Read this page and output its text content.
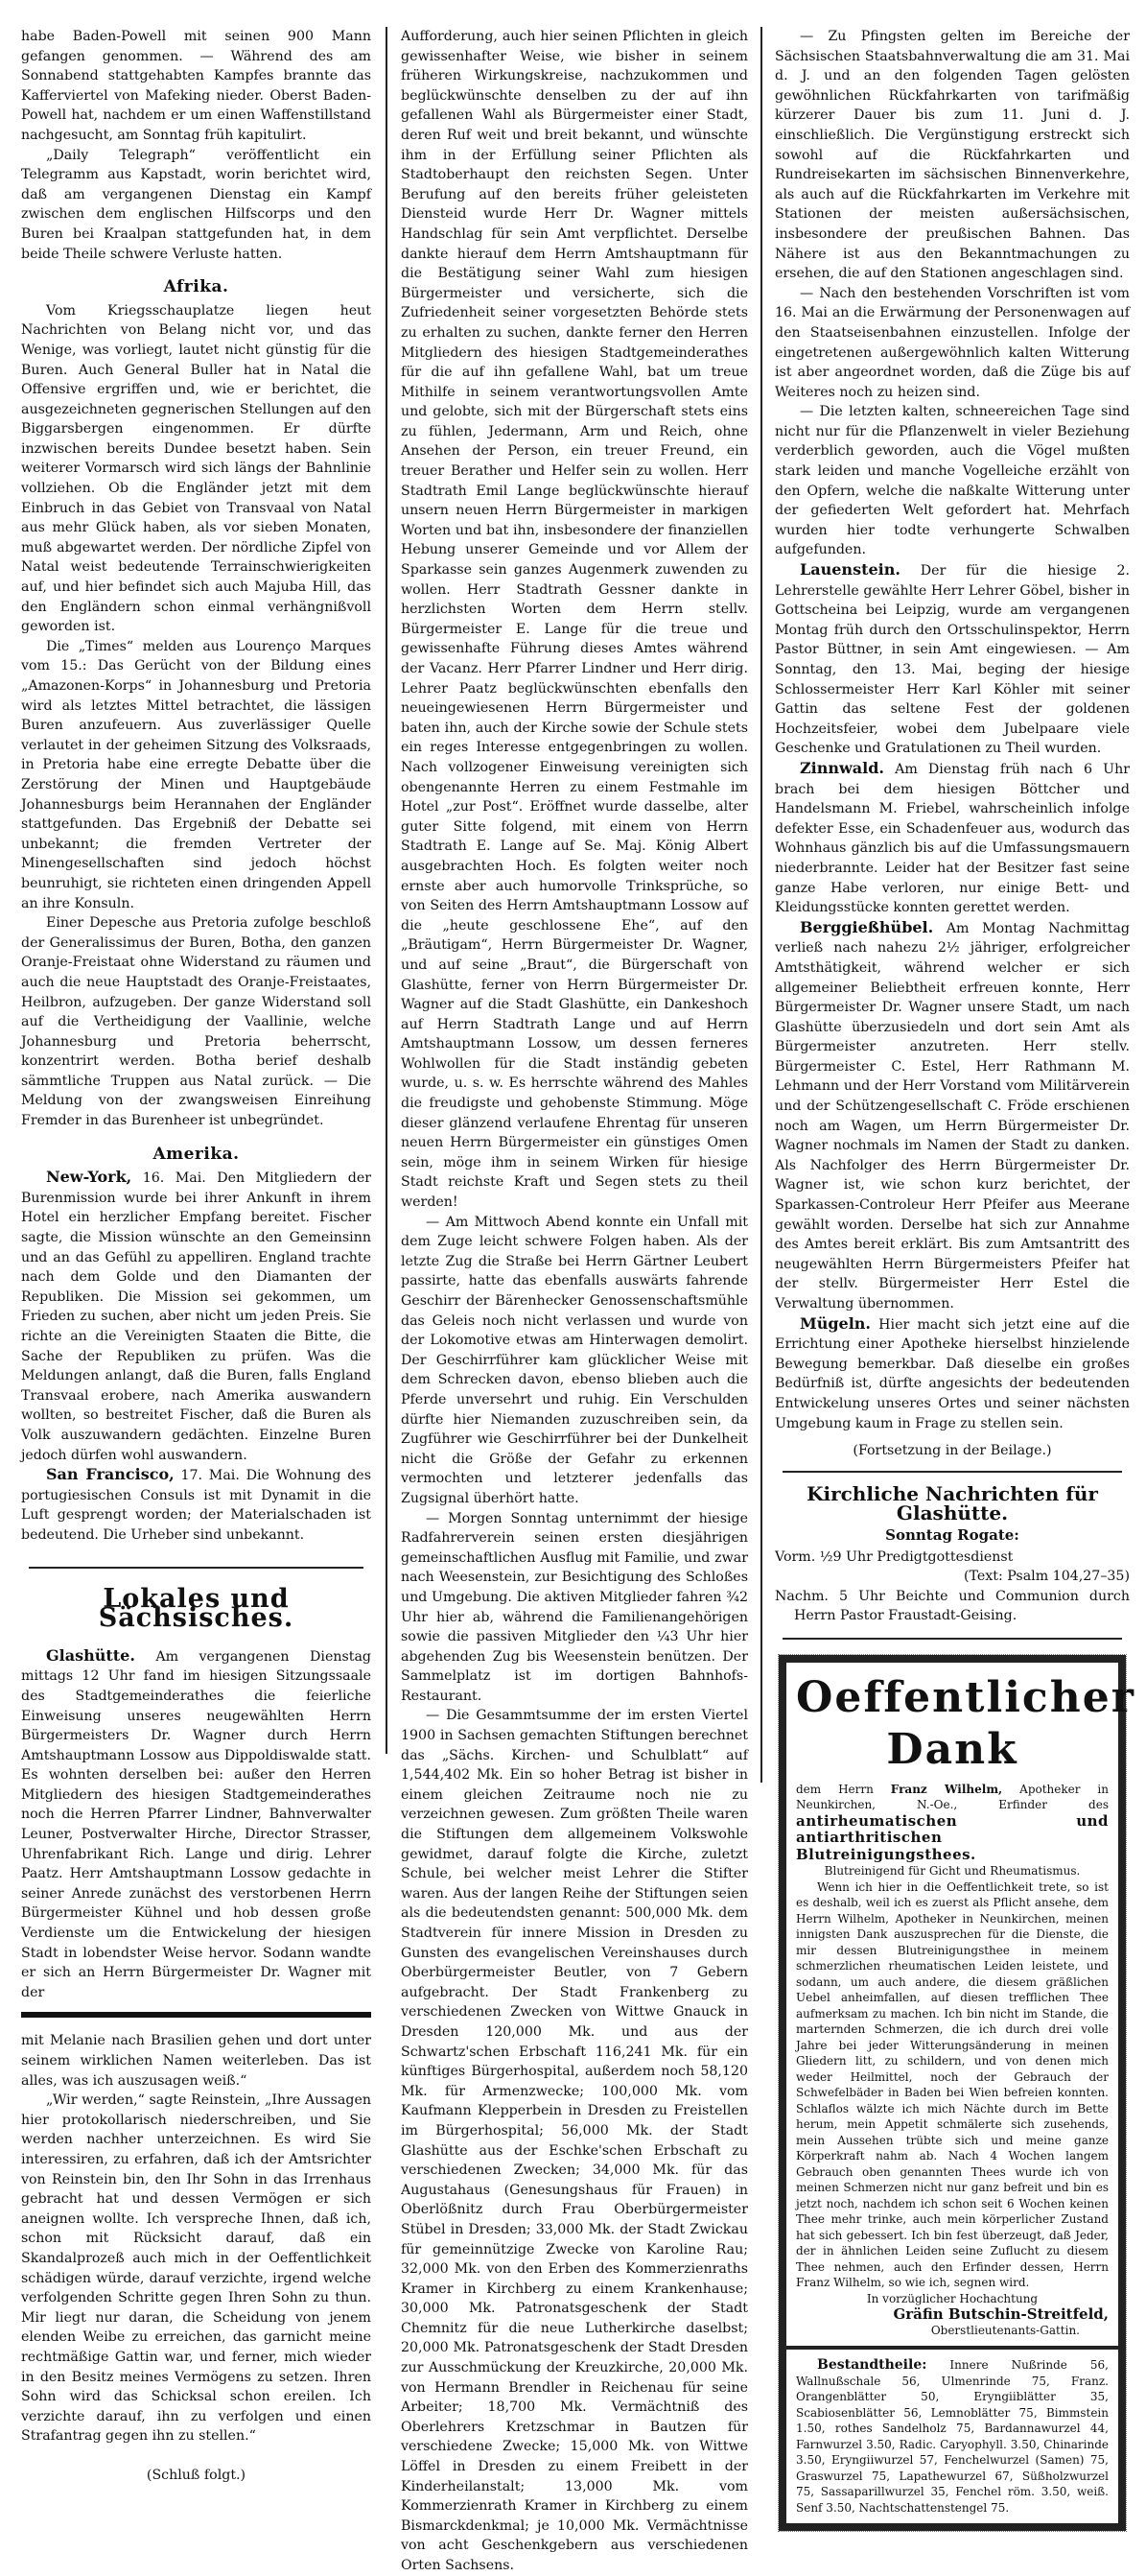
habe Baden-Powell mit seinen 900 Mann gefangen genommen. — Während des am Sonnabend stattgehabten Kampfes brannte das Kafferviertel von Mafeking nieder. Oberst Baden-Powell hat, nachdem er um einen Waffenstillstand nachgesucht, am Sonntag früh kapitulirt.

„Daily Telegraph“ veröffentlicht ein Telegramm aus Kapstadt, worin berichtet wird, daß am vergangenen Dienstag ein Kampf zwischen dem englischen Hilfscorps und den Buren bei Kraalpan stattgefunden hat, in dem beide Theile schwere Verluste hatten.

Afrika.

Vom Kriegsschauplatze liegen heut Nachrichten von Belang nicht vor, und das Wenige, was vorliegt, lautet nicht günstig für die Buren. Auch General Buller hat in Natal die Offensive ergriffen und, wie er berichtet, die ausgezeichneten gegnerischen Stellungen auf den Biggarsbergen eingenommen. Er dürfte inzwischen bereits Dundee besetzt haben. Sein weiterer Vormarsch wird sich längs der Bahnlinie vollziehen. Ob die Engländer jetzt mit dem Einbruch in das Gebiet von Transvaal von Natal aus mehr Glück haben, als vor sieben Monaten, muß abgewartet werden. Der nördliche Zipfel von Natal weist bedeutende Terrainschwierigkeiten auf, und hier befindet sich auch Majuba Hill, das den Engländern schon einmal verhängnißvoll geworden ist.

Die „Times“ melden aus Lourenço Marques vom 15.: Das Gerücht von der Bildung eines „Amazonen-Korps“ in Johannesburg und Pretoria wird als letztes Mittel betrachtet, die lässigen Buren anzufeuern. Aus zuverlässiger Quelle verlautet in der geheimen Sitzung des Volksraads, in Pretoria habe eine erregte Debatte über die Zerstörung der Minen und Hauptgebäude Johannesburgs beim Herannahen der Engländer stattgefunden. Das Ergebniß der Debatte sei unbekannt; die fremden Vertreter der Minengesellschaften sind jedoch höchst beunruhigt, sie richteten einen dringenden Appell an ihre Konsuln.

Einer Depesche aus Pretoria zufolge beschloß der Generalissimus der Buren, Botha, den ganzen Oranje-Freistaat ohne Widerstand zu räumen und auch die neue Hauptstadt des Oranje-Freistaates, Heilbron, aufzugeben. Der ganze Widerstand soll auf die Vertheidigung der Vaallinie, welche Johannesburg und Pretoria beherrscht, konzentrirt werden. Botha berief deshalb sämmtliche Truppen aus Natal zurück. — Die Meldung von der zwangsweisen Einreihung Fremder in das Burenheer ist unbegründet.

Amerika.

New-York, 16. Mai. Den Mitgliedern der Burenmission wurde bei ihrer Ankunft in ihrem Hotel ein herzlicher Empfang bereitet. Fischer sagte, die Mission wünschte an den Gemeinsinn und an das Gefühl zu appelliren. England trachte nach dem Golde und den Diamanten der Republiken. Die Mission sei gekommen, um Frieden zu suchen, aber nicht um jeden Preis. Sie richte an die Vereinigten Staaten die Bitte, die Sache der Republiken zu prüfen. Was die Meldungen anlangt, daß die Buren, falls England Transvaal erobere, nach Amerika auswandern wollten, so bestreitet Fischer, daß die Buren als Volk auszuwandern gedächten. Einzelne Buren jedoch dürfen wohl auswandern.

San Francisco, 17. Mai. Die Wohnung des portugiesischen Consuls ist mit Dynamit in die Luft gesprengt worden; der Materialschaden ist bedeutend. Die Urheber sind unbekannt.

Lokales und Sächsisches.

Glashütte. Am vergangenen Dienstag mittags 12 Uhr fand im hiesigen Sitzungssaale des Stadtgemeinderathes die feierliche Einweisung unseres neugewählten Herrn Bürgermeisters Dr. Wagner durch Herrn Amtshauptmann Lossow aus Dippoldiswalde statt. Es wohnten derselben bei: außer den Herren Mitgliedern des hiesigen Stadtgemeinderathes noch die Herren Pfarrer Lindner, Bahnverwalter Leuner, Postverwalter Hirche, Director Strasser, Uhrenfabrikant Rich. Lange und dirig. Lehrer Paatz. Herr Amtshauptmann Lossow gedachte in seiner Anrede zunächst des verstorbenen Herrn Bürgermeister Kühnel und hob dessen große Verdienste um die Entwickelung der hiesigen Stadt in lobendster Weise hervor. Sodann wandte er sich an Herrn Bürgermeister Dr. Wagner mit der

mit Melanie nach Brasilien gehen und dort unter seinem wirklichen Namen weiterleben. Das ist alles, was ich auszusagen weiß.“

„Wir werden,“ sagte Reinstein, „Ihre Aussagen hier protokollarisch niederschreiben, und Sie werden nachher unterzeichnen. Es wird Sie interessiren, zu erfahren, daß ich der Amtsrichter von Reinstein bin, den Ihr Sohn in das Irrenhaus gebracht hat und dessen Vermögen er sich aneignen wollte. Ich verspreche Ihnen, daß ich, schon mit Rücksicht darauf, daß ein Skandalprozeß auch mich in der Oeffentlichkeit schädigen würde, darauf verzichte, irgend welche verfolgenden Schritte gegen Ihren Sohn zu thun. Mir liegt nur daran, die Scheidung von jenem elenden Weibe zu erreichen, das garnicht meine rechtmäßige Gattin war, und ferner, mich wieder in den Besitz meines Vermögens zu setzen. Ihren Sohn wird das Schicksal schon ereilen. Ich verzichte darauf, ihn zu verfolgen und einen Strafantrag gegen ihn zu stellen.“

(Schluß folgt.)

Aufforderung, auch hier seinen Pflichten in gleich gewissenhafter Weise, wie bisher in seinem früheren Wirkungskreise, nachzukommen und beglückwünschte denselben zu der auf ihn gefallenen Wahl als Bürgermeister einer Stadt, deren Ruf weit und breit bekannt, und wünschte ihm in der Erfüllung seiner Pflichten als Stadtoberhaupt den reichsten Segen. Unter Berufung auf den bereits früher geleisteten Diensteid wurde Herr Dr. Wagner mittels Handschlag für sein Amt verpflichtet. Derselbe dankte hierauf dem Herrn Amtshauptmann für die Bestätigung seiner Wahl zum hiesigen Bürgermeister und versicherte, sich die Zufriedenheit seiner vorgesetzten Behörde stets zu erhalten zu suchen, dankte ferner den Herren Mitgliedern des hiesigen Stadtgemeinderathes für die auf ihn gefallene Wahl, bat um treue Mithilfe in seinem verantwortungsvollen Amte und gelobte, sich mit der Bürgerschaft stets eins zu fühlen, Jedermann, Arm und Reich, ohne Ansehen der Person, ein treuer Freund, ein treuer Berather und Helfer sein zu wollen. Herr Stadtrath Emil Lange beglückwünschte hierauf unsern neuen Herrn Bürgermeister in markigen Worten und bat ihn, insbesondere der finanziellen Hebung unserer Gemeinde und vor Allem der Sparkasse sein ganzes Augenmerk zuwenden zu wollen. Herr Stadtrath Gessner dankte in herzlichsten Worten dem Herrn stellv. Bürgermeister E. Lange für die treue und gewissenhafte Führung dieses Amtes während der Vacanz. Herr Pfarrer Lindner und Herr dirig. Lehrer Paatz beglückwünschten ebenfalls den neueingewiesenen Herrn Bürgermeister und baten ihn, auch der Kirche sowie der Schule stets ein reges Interesse entgegenbringen zu wollen. Nach vollzogener Einweisung vereinigten sich obengenannte Herren zu einem Festmahle im Hotel „zur Post“. Eröffnet wurde dasselbe, alter guter Sitte folgend, mit einem von Herrn Stadtrath E. Lange auf Se. Maj. König Albert ausgebrachten Hoch. Es folgten weiter noch ernste aber auch humorvolle Trinksprüche, so von Seiten des Herrn Amtshauptmann Lossow auf die „heute geschlossene Ehe“, auf den „Bräutigam“, Herrn Bürgermeister Dr. Wagner, und auf seine „Braut“, die Bürgerschaft von Glashütte, ferner von Herrn Bürgermeister Dr. Wagner auf die Stadt Glashütte, ein Dankeshoch auf Herrn Stadtrath Lange und auf Herrn Amtshauptmann Lossow, um dessen ferneres Wohlwollen für die Stadt inständig gebeten wurde, u. s. w. Es herrschte während des Mahles die freudigste und gehobenste Stimmung. Möge dieser glänzend verlaufene Ehrentag für unseren neuen Herrn Bürgermeister ein günstiges Omen sein, möge ihm in seinem Wirken für hiesige Stadt reichste Kraft und Segen stets zu theil werden!

— Am Mittwoch Abend konnte ein Unfall mit dem Zuge leicht schwere Folgen haben. Als der letzte Zug die Straße bei Herrn Gärtner Leubert passirte, hatte das ebenfalls auswärts fahrende Geschirr der Bärenhecker Genossenschaftsmühle das Geleis noch nicht verlassen und wurde von der Lokomotive etwas am Hinterwagen demolirt. Der Geschirrführer kam glücklicher Weise mit dem Schrecken davon, ebenso blieben auch die Pferde unversehrt und ruhig. Ein Verschulden dürfte hier Niemanden zuzuschreiben sein, da Zugführer wie Geschirrführer bei der Dunkelheit nicht die Größe der Gefahr zu erkennen vermochten und letzterer jedenfalls das Zugsignal überhört hatte.

— Morgen Sonntag unternimmt der hiesige Radfahrerverein seinen ersten diesjährigen gemeinschaftlichen Ausflug mit Familie, und zwar nach Weesenstein, zur Besichtigung des Schloßes und Umgebung. Die aktiven Mitglieder fahren ¾2 Uhr hier ab, während die Familienangehörigen sowie die passiven Mitglieder den ¼3 Uhr hier abgehenden Zug bis Weesenstein benützen. Der Sammelplatz ist im dortigen Bahnhofs-Restaurant.

— Die Gesammtsumme der im ersten Viertel 1900 in Sachsen gemachten Stiftungen berechnet das „Sächs. Kirchen- und Schulblatt“ auf 1,544,402 Mk. Ein so hoher Betrag ist bisher in einem gleichen Zeitraume noch nie zu verzeichnen gewesen. Zum größten Theile waren die Stiftungen dem allgemeinem Volkswohle gewidmet, darauf folgte die Kirche, zuletzt Schule, bei welcher meist Lehrer die Stifter waren. Aus der langen Reihe der Stiftungen seien als die bedeutendsten genannt: 500,000 Mk. dem Stadtverein für innere Mission in Dresden zu Gunsten des evangelischen Vereinshauses durch Oberbürgermeister Beutler, von 7 Gebern aufgebracht. Der Stadt Frankenberg zu verschiedenen Zwecken von Wittwe Gnauck in Dresden 120,000 Mk. und aus der Schwartz'schen Erbschaft 116,241 Mk. für ein künftiges Bürgerhospital, außerdem noch 58,120 Mk. für Armenzwecke; 100,000 Mk. vom Kaufmann Klepperbein in Dresden zu Freistellen im Bürgerhospital; 56,000 Mk. der Stadt Glashütte aus der Eschke'schen Erbschaft zu verschiedenen Zwecken; 34,000 Mk. für das Augustahaus (Genesungshaus für Frauen) in Oberlößnitz durch Frau Oberbürgermeister Stübel in Dresden; 33,000 Mk. der Stadt Zwickau für gemeinnützige Zwecke von Karoline Rau; 32,000 Mk. von den Erben des Kommerzienraths Kramer in Kirchberg zu einem Krankenhause; 30,000 Mk. Patronatsgeschenk der Stadt Chemnitz für die neue Lutherkirche daselbst; 20,000 Mk. Patronatsgeschenk der Stadt Dresden zur Ausschmückung der Kreuzkirche, 20,000 Mk. von Hermann Brendler in Reichenau für seine Arbeiter; 18,700 Mk. Vermächtniß des Oberlehrers Kretzschmar in Bautzen für verschiedene Zwecke; 15,000 Mk. von Wittwe Löffel in Dresden zu einem Freibett in der Kinderheilanstalt; 13,000 Mk. vom Kommerzienrath Kramer in Kirchberg zu einem Bismarckdenkmal; je 10,000 Mk. Vermächtnisse von acht Geschenkgebern aus verschiedenen Orten Sachsens.

— Zu Pfingsten gelten im Bereiche der Sächsischen Staatsbahnverwaltung die am 31. Mai d. J. und an den folgenden Tagen gelösten gewöhnlichen Rückfahrkarten von tarifmäßig kürzerer Dauer bis zum 11. Juni d. J. einschließlich. Die Vergünstigung erstreckt sich sowohl auf die Rückfahrkarten und Rundreisekarten im sächsischen Binnenverkehre, als auch auf die Rückfahrkarten im Verkehre mit Stationen der meisten außersächsischen, insbesondere der preußischen Bahnen. Das Nähere ist aus den Bekanntmachungen zu ersehen, die auf den Stationen angeschlagen sind.

— Nach den bestehenden Vorschriften ist vom 16. Mai an die Erwärmung der Personenwagen auf den Staatseisenbahnen einzustellen. Infolge der eingetretenen außergewöhnlich kalten Witterung ist aber angeordnet worden, daß die Züge bis auf Weiteres noch zu heizen sind.

— Die letzten kalten, schneereichen Tage sind nicht nur für die Pflanzenwelt in vieler Beziehung verderblich geworden, auch die Vögel mußten stark leiden und manche Vogelleiche erzählt von den Opfern, welche die naßkalte Witterung unter der gefiederten Welt gefordert hat. Mehrfach wurden hier todte verhungerte Schwalben aufgefunden.

Lauenstein. Der für die hiesige 2. Lehrerstelle gewählte Herr Lehrer Göbel, bisher in Gottscheina bei Leipzig, wurde am vergangenen Montag früh durch den Ortsschulinspektor, Herrn Pastor Büttner, in sein Amt eingewiesen. — Am Sonntag, den 13. Mai, beging der hiesige Schlossermeister Herr Karl Köhler mit seiner Gattin das seltene Fest der goldenen Hochzeitsfeier, wobei dem Jubelpaare viele Geschenke und Gratulationen zu Theil wurden.

Zinnwald. Am Dienstag früh nach 6 Uhr brach bei dem hiesigen Böttcher und Handelsmann M. Friebel, wahrscheinlich infolge defekter Esse, ein Schadenfeuer aus, wodurch das Wohnhaus gänzlich bis auf die Umfassungsmauern niederbrannte. Leider hat der Besitzer fast seine ganze Habe verloren, nur einige Bett- und Kleidungsstücke konnten gerettet werden.

Berggießhübel. Am Montag Nachmittag verließ nach nahezu 2½ jähriger, erfolgreicher Amtsthätigkeit, während welcher er sich allgemeiner Beliebtheit erfreuen konnte, Herr Bürgermeister Dr. Wagner unsere Stadt, um nach Glashütte überzusiedeln und dort sein Amt als Bürgermeister anzutreten. Herr stellv. Bürgermeister C. Estel, Herr Rathmann M. Lehmann und der Herr Vorstand vom Militärverein und der Schützengesellschaft C. Fröde erschienen noch am Wagen, um Herrn Bürgermeister Dr. Wagner nochmals im Namen der Stadt zu danken. Als Nachfolger des Herrn Bürgermeister Dr. Wagner ist, wie schon kurz berichtet, der Sparkassen-Controleur Herr Pfeifer aus Meerane gewählt worden. Derselbe hat sich zur Annahme des Amtes bereit erklärt. Bis zum Amtsantritt des neugewählten Herrn Bürgermeisters Pfeifer hat der stellv. Bürgermeister Herr Estel die Verwaltung übernommen.

Mügeln. Hier macht sich jetzt eine auf die Errichtung einer Apotheke hierselbst hinzielende Bewegung bemerkbar. Daß dieselbe ein großes Bedürfniß ist, dürfte angesichts der bedeutenden Entwickelung unseres Ortes und seiner nächsten Umgebung kaum in Frage zu stellen sein.

(Fortsetzung in der Beilage.)

Kirchliche Nachrichten für Glashütte.
Sonntag Rogate:

Vorm. ½9 Uhr Predigtgottesdienst

(Text: Psalm 104,27–35)

Nachm. 5 Uhr Beichte und Communion durch Herrn Pastor Fraustadt-Geising.

Oeffentlicher Dank

dem Herrn Franz Wilhelm, Apotheker in Neunkirchen, N.-Oe., Erfinder des antirheumatischen und antiarthritischen Blutreinigungsthees.

Blutreinigend für Gicht und Rheumatismus.

Wenn ich hier in die Oeffentlichkeit trete, so ist es deshalb, weil ich es zuerst als Pflicht ansehe, dem Herrn Wilhelm, Apotheker in Neunkirchen, meinen innigsten Dank auszusprechen für die Dienste, die mir dessen Blutreinigungsthee in meinem schmerzlichen rheumatischen Leiden leistete, und sodann, um auch andere, die diesem gräßlichen Uebel anheimfallen, auf diesen trefflichen Thee aufmerksam zu machen. Ich bin nicht im Stande, die marternden Schmerzen, die ich durch drei volle Jahre bei jeder Witterungsänderung in meinen Gliedern litt, zu schildern, und von denen mich weder Heilmittel, noch der Gebrauch der Schwefelbäder in Baden bei Wien befreien konnten. Schlaflos wälzte ich mich Nächte durch im Bette herum, mein Appetit schmälerte sich zusehends, mein Aussehen trübte sich und meine ganze Körperkraft nahm ab. Nach 4 Wochen langem Gebrauch oben genannten Thees wurde ich von meinen Schmerzen nicht nur ganz befreit und bin es jetzt noch, nachdem ich schon seit 6 Wochen keinen Thee mehr trinke, auch mein körperlicher Zustand hat sich gebessert. Ich bin fest überzeugt, daß Jeder, der in ähnlichen Leiden seine Zuflucht zu diesem Thee nehmen, auch den Erfinder dessen, Herrn Franz Wilhelm, so wie ich, segnen wird.

In vorzüglicher Hochachtung

Gräfin Butschin-Streitfeld,

Oberstlieutenants-Gattin.

Bestandtheile: Innere Nußrinde 56, Wallnußschale 56, Ulmenrinde 75, Franz. Orangenblätter 50, Eryngiiblätter 35, Scabiosenblätter 56, Lemnoblätter 75, Bimmstein 1.50, rothes Sandelholz 75, Bardannawurzel 44, Farnwurzel 3.50, Radic. Caryophyll. 3.50, Chinarinde 3.50, Eryngiiwurzel 57, Fenchelwurzel (Samen) 75, Graswurzel 75, Lapathewurzel 67, Süßholzwurzel 75, Sassaparillwurzel 35, Fenchel röm. 3.50, weiß. Senf 3.50, Nachtschattenstengel 75.
